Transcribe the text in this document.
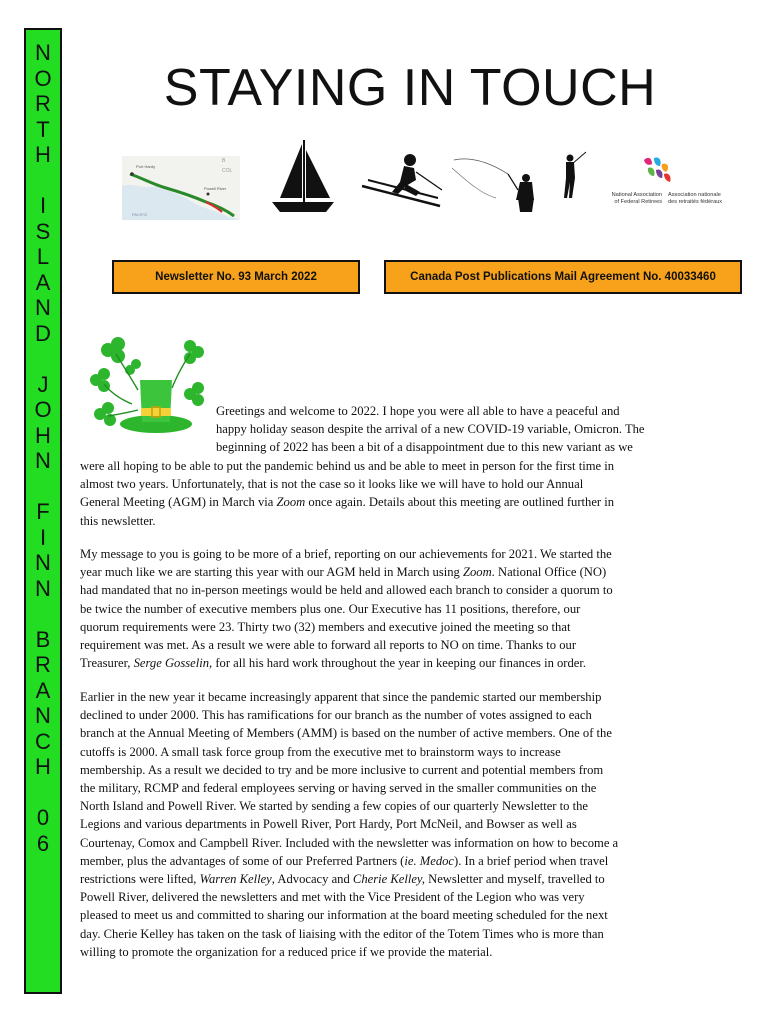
N
O
R
T
H
I
S
L
A
N
D
J
O
H
N
F
I
N
N
B
R
A
N
C
H
0
6
STAYING IN TOUCH
Port Hardy
Powell River
B
COL
PACIFIC
National Association
of Federal Retirees
Association nationale
des retraités fédéraux
Newsletter No. 93 March 2022	Canada Post Publications Mail Agreement No. 40033460
Greetings and welcome to 2022. I hope you were all able to have a peaceful and
happy holiday season despite the arrival of a new COVID-19 variable, Omicron. The
beginning of 2022 has been a bit of a disappointment due to this new variant as we
were all hoping to be able to put the pandemic behind us and be able to meet in person for the first time in
almost two years. Unfortunately, that is not the case so it looks like we will have to hold our Annual
General Meeting (AGM) in March via Zoom once again. Details about this meeting are outlined further in
this newsletter.
My message to you is going to be more of a brief, reporting on our achievements for 2021. We started the
year much like we are starting this year with our AGM held in March using Zoom. National Office (NO)
had mandated that no in-person meetings would be held and allowed each branch to consider a quorum to
be twice the number of executive members plus one. Our Executive has 11 positions, therefore, our
quorum requirements were 23. Thirty two (32) members and executive joined the meeting so that
requirement was met. As a result we were able to forward all reports to NO on time. Thanks to our
Treasurer, Serge Gosselin, for all his hard work throughout the year in keeping our finances in order.
Earlier in the new year it became increasingly apparent that since the pandemic started our membership
declined to under 2000. This has ramifications for our branch as the number of votes assigned to each
branch at the Annual Meeting of Members (AMM) is based on the number of active members. One of the
cutoffs is 2000. A small task force group from the executive met to brainstorm ways to increase
membership. As a result we decided to try and be more inclusive to current and potential members from
the military, RCMP and federal employees serving or having served in the smaller communities on the
North Island and Powell River. We started by sending a few copies of our quarterly Newsletter to the
Legions and various departments in Powell River, Port Hardy, Port McNeil, and Bowser as well as
Courtenay, Comox and Campbell River. Included with the newsletter was information on how to become a
member, plus the advantages of some of our Preferred Partners (ie. Medoc). In a brief period when travel
restrictions were lifted, Warren Kelley, Advocacy and Cherie Kelley, Newsletter and myself, travelled to
Powell River, delivered the newsletters and met with the Vice President of the Legion who was very
pleased to meet us and committed to sharing our information at the board meeting scheduled for the next
day. Cherie Kelley has taken on the task of liaising with the editor of the Totem Times who is more than
willing to promote the organization for a reduced price if we provide the material.
